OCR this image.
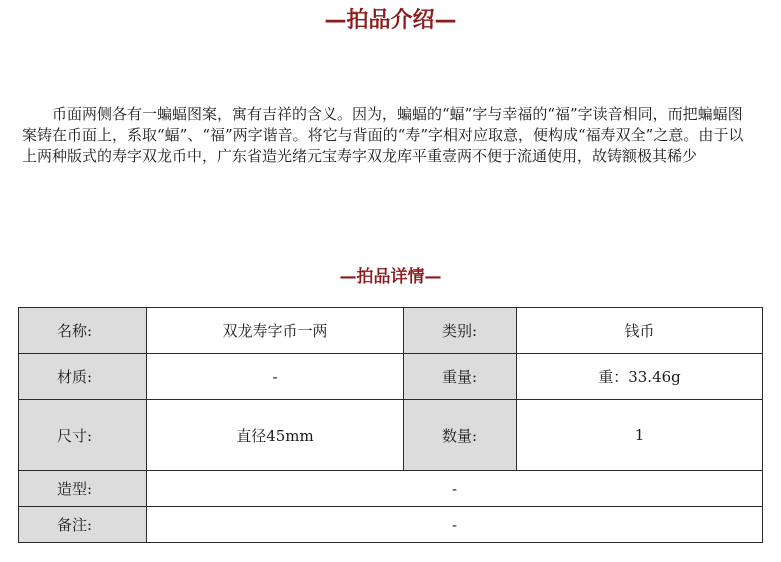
—拍品介绍—

币面两侧各有一蝙蝠图案，寓有吉祥的含义。因为，蝙蝠的“蝠”字与幸福的“福”字读音相同，而把蝙蝠图案铸在币面上，系取“蝠”、“福”两字谐音。将它与背面的“寿”字相对应取意，便构成“福寿双全”之意。由于以上两种版式的寿字双龙币中，广东省造光绪元宝寿字双龙库平重壹两不便于流通使用，故铸额极其稀少

—拍品详情—
名称:	双龙寿字币一两	类别:	钱币
材质:	-	重量:	重：33.46g
尺寸:	直径45mm	数量:	1
造型:	-		
备注:	-		
